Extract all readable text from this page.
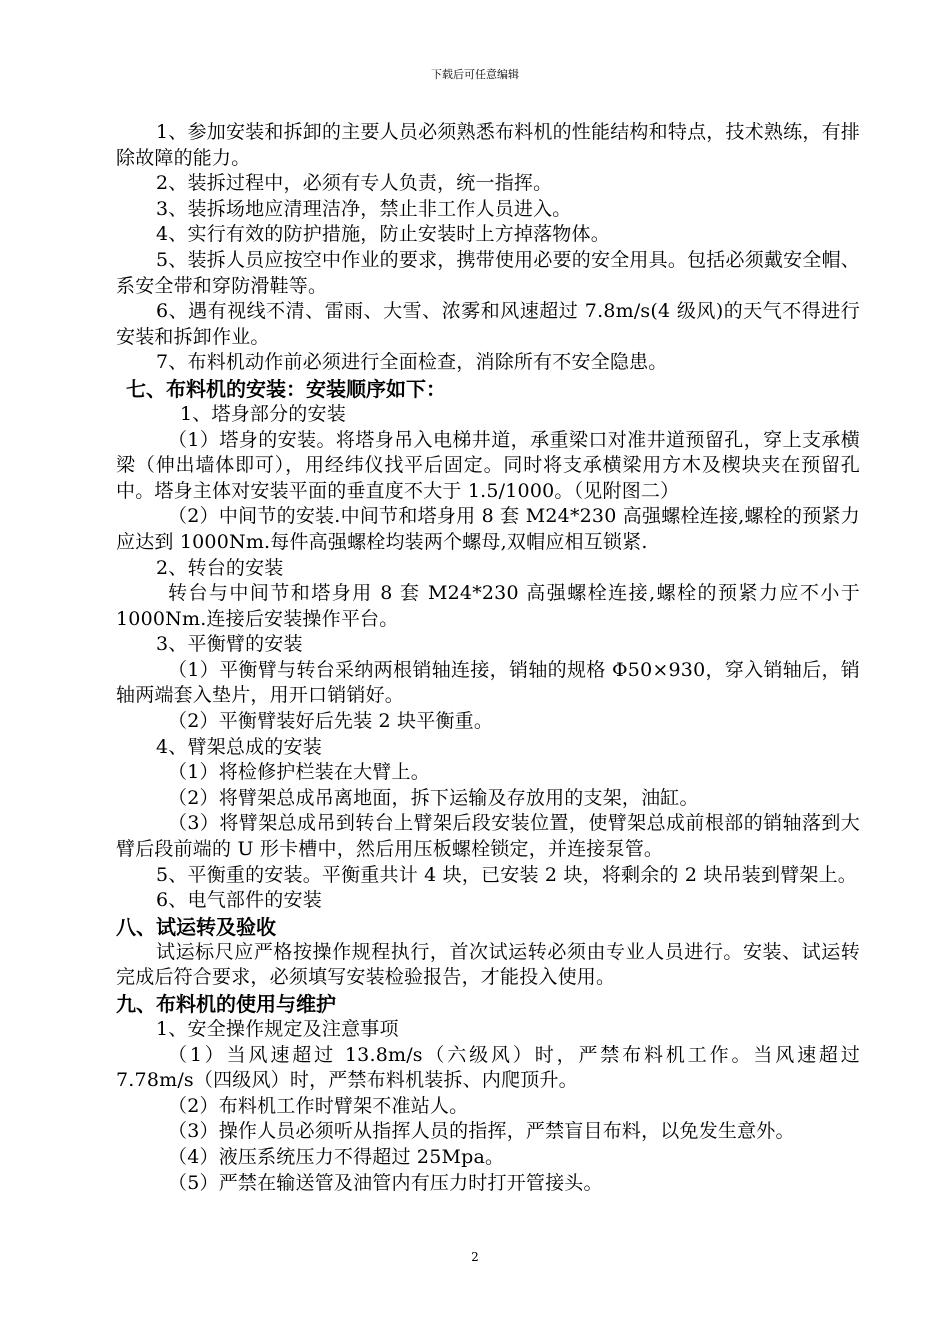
下载后可任意编辑

1、参加安装和拆卸的主要人员必须熟悉布料机的性能结构和特点，技术熟练，有排除故障的能力。

2、装拆过程中，必须有专人负责，统一指挥。

3、装拆场地应清理洁净，禁止非工作人员进入。

4、实行有效的防护措施，防止安装时上方掉落物体。

5、装拆人员应按空中作业的要求，携带使用必要的安全用具。包括必须戴安全帽、系安全带和穿防滑鞋等。

6、遇有视线不清、雷雨、大雪、浓雾和风速超过 7.8m/s(4 级风)的天气不得进行安装和拆卸作业。

7、布料机动作前必须进行全面检查，消除所有不安全隐患。

七、布料机的安装：安装顺序如下：

1、塔身部分的安装

（1）塔身的安装。将塔身吊入电梯井道，承重梁口对准井道预留孔，穿上支承横梁（伸出墙体即可），用经纬仪找平后固定。同时将支承横梁用方木及楔块夹在预留孔中。塔身主体对安装平面的垂直度不大于 1.5/1000。（见附图二）

（2）中间节的安装.中间节和塔身用 8 套 M24*230 高强螺栓连接,螺栓的预紧力应达到 1000Nm.每件高强螺栓均装两个螺母,双帽应相互锁紧.

2、转台的安装

转台与中间节和塔身用 8 套 M24*230 高强螺栓连接,螺栓的预紧力应不小于 1000Nm.连接后安装操作平台。

3、平衡臂的安装

（1）平衡臂与转台采纳两根销轴连接，销轴的规格 Φ50×930，穿入销轴后，销轴两端套入垫片，用开口销销好。

（2）平衡臂装好后先装 2 块平衡重。

4、臂架总成的安装

（1）将检修护栏装在大臂上。

（2）将臂架总成吊离地面，拆下运输及存放用的支架，油缸。

（3）将臂架总成吊到转台上臂架后段安装位置，使臂架总成前根部的销轴落到大臂后段前端的 U 形卡槽中，然后用压板螺栓锁定，并连接泵管。

5、平衡重的安装。平衡重共计 4 块，已安装 2 块，将剩余的 2 块吊装到臂架上。

6、电气部件的安装

八、试运转及验收

试运标尺应严格按操作规程执行，首次试运转必须由专业人员进行。安装、试运转完成后符合要求，必须填写安装检验报告，才能投入使用。

九、布料机的使用与维护

1、安全操作规定及注意事项

（1）当风速超过 13.8m/s（六级风）时，严禁布料机工作。当风速超过 7.78m/s（四级风）时，严禁布料机装拆、内爬顶升。

（2）布料机工作时臂架不准站人。

（3）操作人员必须听从指挥人员的指挥，严禁盲目布料，以免发生意外。

（4）液压系统压力不得超过 25Mpa。

（5）严禁在输送管及油管内有压力时打开管接头。

2
